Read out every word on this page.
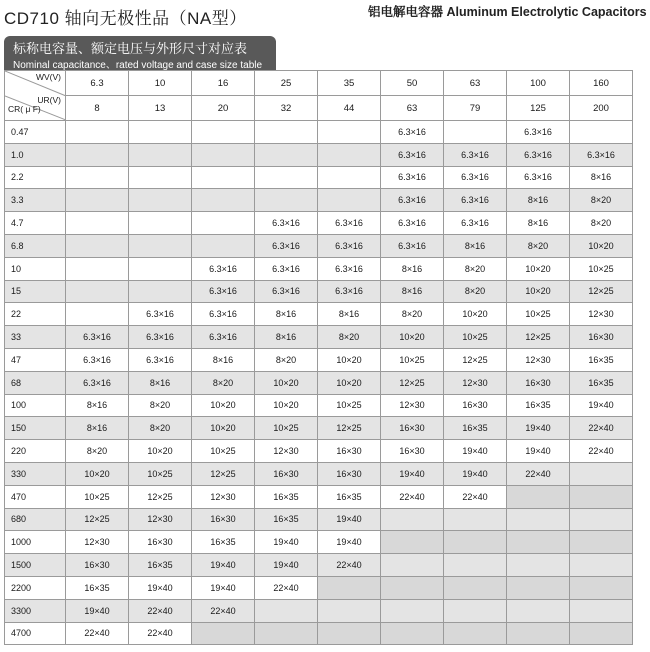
CD710 轴向无极性品（NA型）	铝电解电容器 Aluminum Electrolytic Capacitors
标称电容量、额定电压与外形尺寸对应表
Nominal capacitance、rated voltage and case size table
WV(V)
UR(V)
CR( μ F)	6.3	10	16	25	35	50	63	100	160
	8	13	20	32	44	63	79	125	200
0.47						6.3×16		6.3×16	
1.0						6.3×16	6.3×16	6.3×16	6.3×16
2.2						6.3×16	6.3×16	6.3×16	8×16
3.3						6.3×16	6.3×16	8×16	8×20
4.7				6.3×16	6.3×16	6.3×16	6.3×16	8×16	8×20
6.8				6.3×16	6.3×16	6.3×16	8×16	8×20	10×20
10			6.3×16	6.3×16	6.3×16	8×16	8×20	10×20	10×25
15			6.3×16	6.3×16	6.3×16	8×16	8×20	10×20	12×25
22		6.3×16	6.3×16	8×16	8×16	8×20	10×20	10×25	12×30
33	6.3×16	6.3×16	6.3×16	8×16	8×20	10×20	10×25	12×25	16×30
47	6.3×16	6.3×16	8×16	8×20	10×20	10×25	12×25	12×30	16×35
68	6.3×16	8×16	8×20	10×20	10×20	12×25	12×30	16×30	16×35
100	8×16	8×20	10×20	10×20	10×25	12×30	16×30	16×35	19×40
150	8×16	8×20	10×20	10×25	12×25	16×30	16×35	19×40	22×40
220	8×20	10×20	10×25	12×30	16×30	16×30	19×40	19×40	22×40
330	10×20	10×25	12×25	16×30	16×30	19×40	19×40	22×40	
470	10×25	12×25	12×30	16×35	16×35	22×40	22×40		
680	12×25	12×30	16×30	16×35	19×40				
1000	12×30	16×30	16×35	19×40	19×40				
1500	16×30	16×35	19×40	19×40	22×40				
2200	16×35	19×40	19×40	22×40					
3300	19×40	22×40	22×40						
4700	22×40	22×40							
